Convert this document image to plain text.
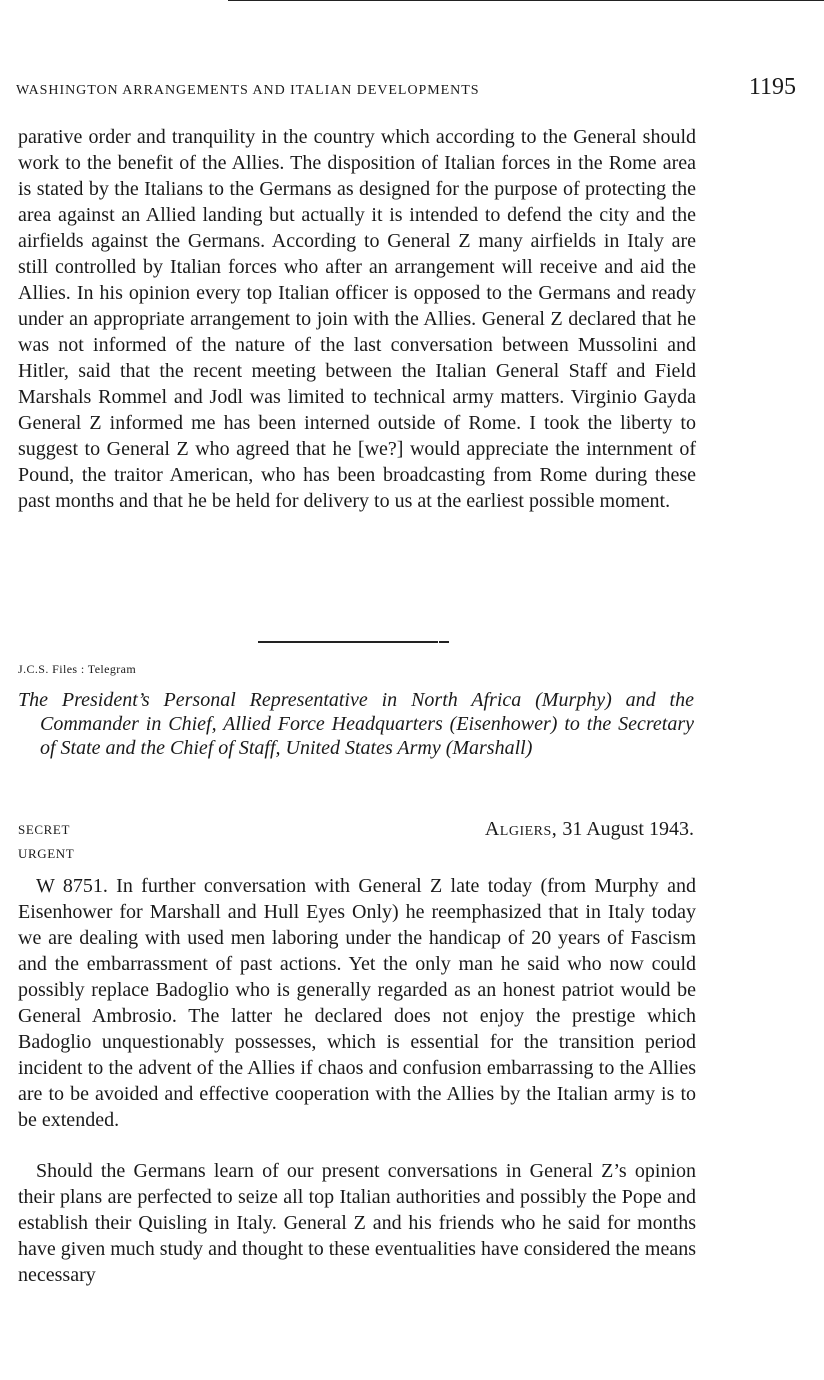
WASHINGTON ARRANGEMENTS AND ITALIAN DEVELOPMENTS	1195

parative order and tranquility in the country which according to the General should work to the benefit of the Allies. The disposition of Italian forces in the Rome area is stated by the Italians to the Germans as designed for the purpose of protecting the area against an Allied landing but actually it is intended to defend the city and the airfields against the Germans. According to General Z many airfields in Italy are still controlled by Italian forces who after an arrangement will receive and aid the Allies. In his opinion every top Italian officer is opposed to the Germans and ready under an appropriate arrangement to join with the Allies. General Z declared that he was not informed of the nature of the last conversation between Mussolini and Hitler, said that the recent meeting between the Italian General Staff and Field Marshals Rommel and Jodl was limited to technical army matters. Virginio Gayda General Z informed me has been interned outside of Rome. I took the liberty to suggest to General Z who agreed that he [we?] would appreciate the internment of Pound, the traitor American, who has been broadcasting from Rome during these past months and that he be held for delivery to us at the earliest possible moment.

J.C.S. Files : Telegram

The President’s Personal Representative in North Africa (Murphy) and the Commander in Chief, Allied Force Headquarters (Eisenhower) to the Secretary of State and the Chief of Staff, United States Army (Marshall)

SECRET
URGENT
Algiers, 31 August 1943.

W 8751. In further conversation with General Z late today (from Murphy and Eisenhower for Marshall and Hull Eyes Only) he reemphasized that in Italy today we are dealing with used men laboring under the handicap of 20 years of Fascism and the embarrassment of past actions. Yet the only man he said who now could possibly replace Badoglio who is generally regarded as an honest patriot would be General Ambrosio. The latter he declared does not enjoy the prestige which Badoglio unquestionably possesses, which is essential for the transition period incident to the advent of the Allies if chaos and confusion embarrassing to the Allies are to be avoided and effective cooperation with the Allies by the Italian army is to be extended.

Should the Germans learn of our present conversations in General Z’s opinion their plans are perfected to seize all top Italian authorities and possibly the Pope and establish their Quisling in Italy. General Z and his friends who he said for months have given much study and thought to these eventualities have considered the means necessary
